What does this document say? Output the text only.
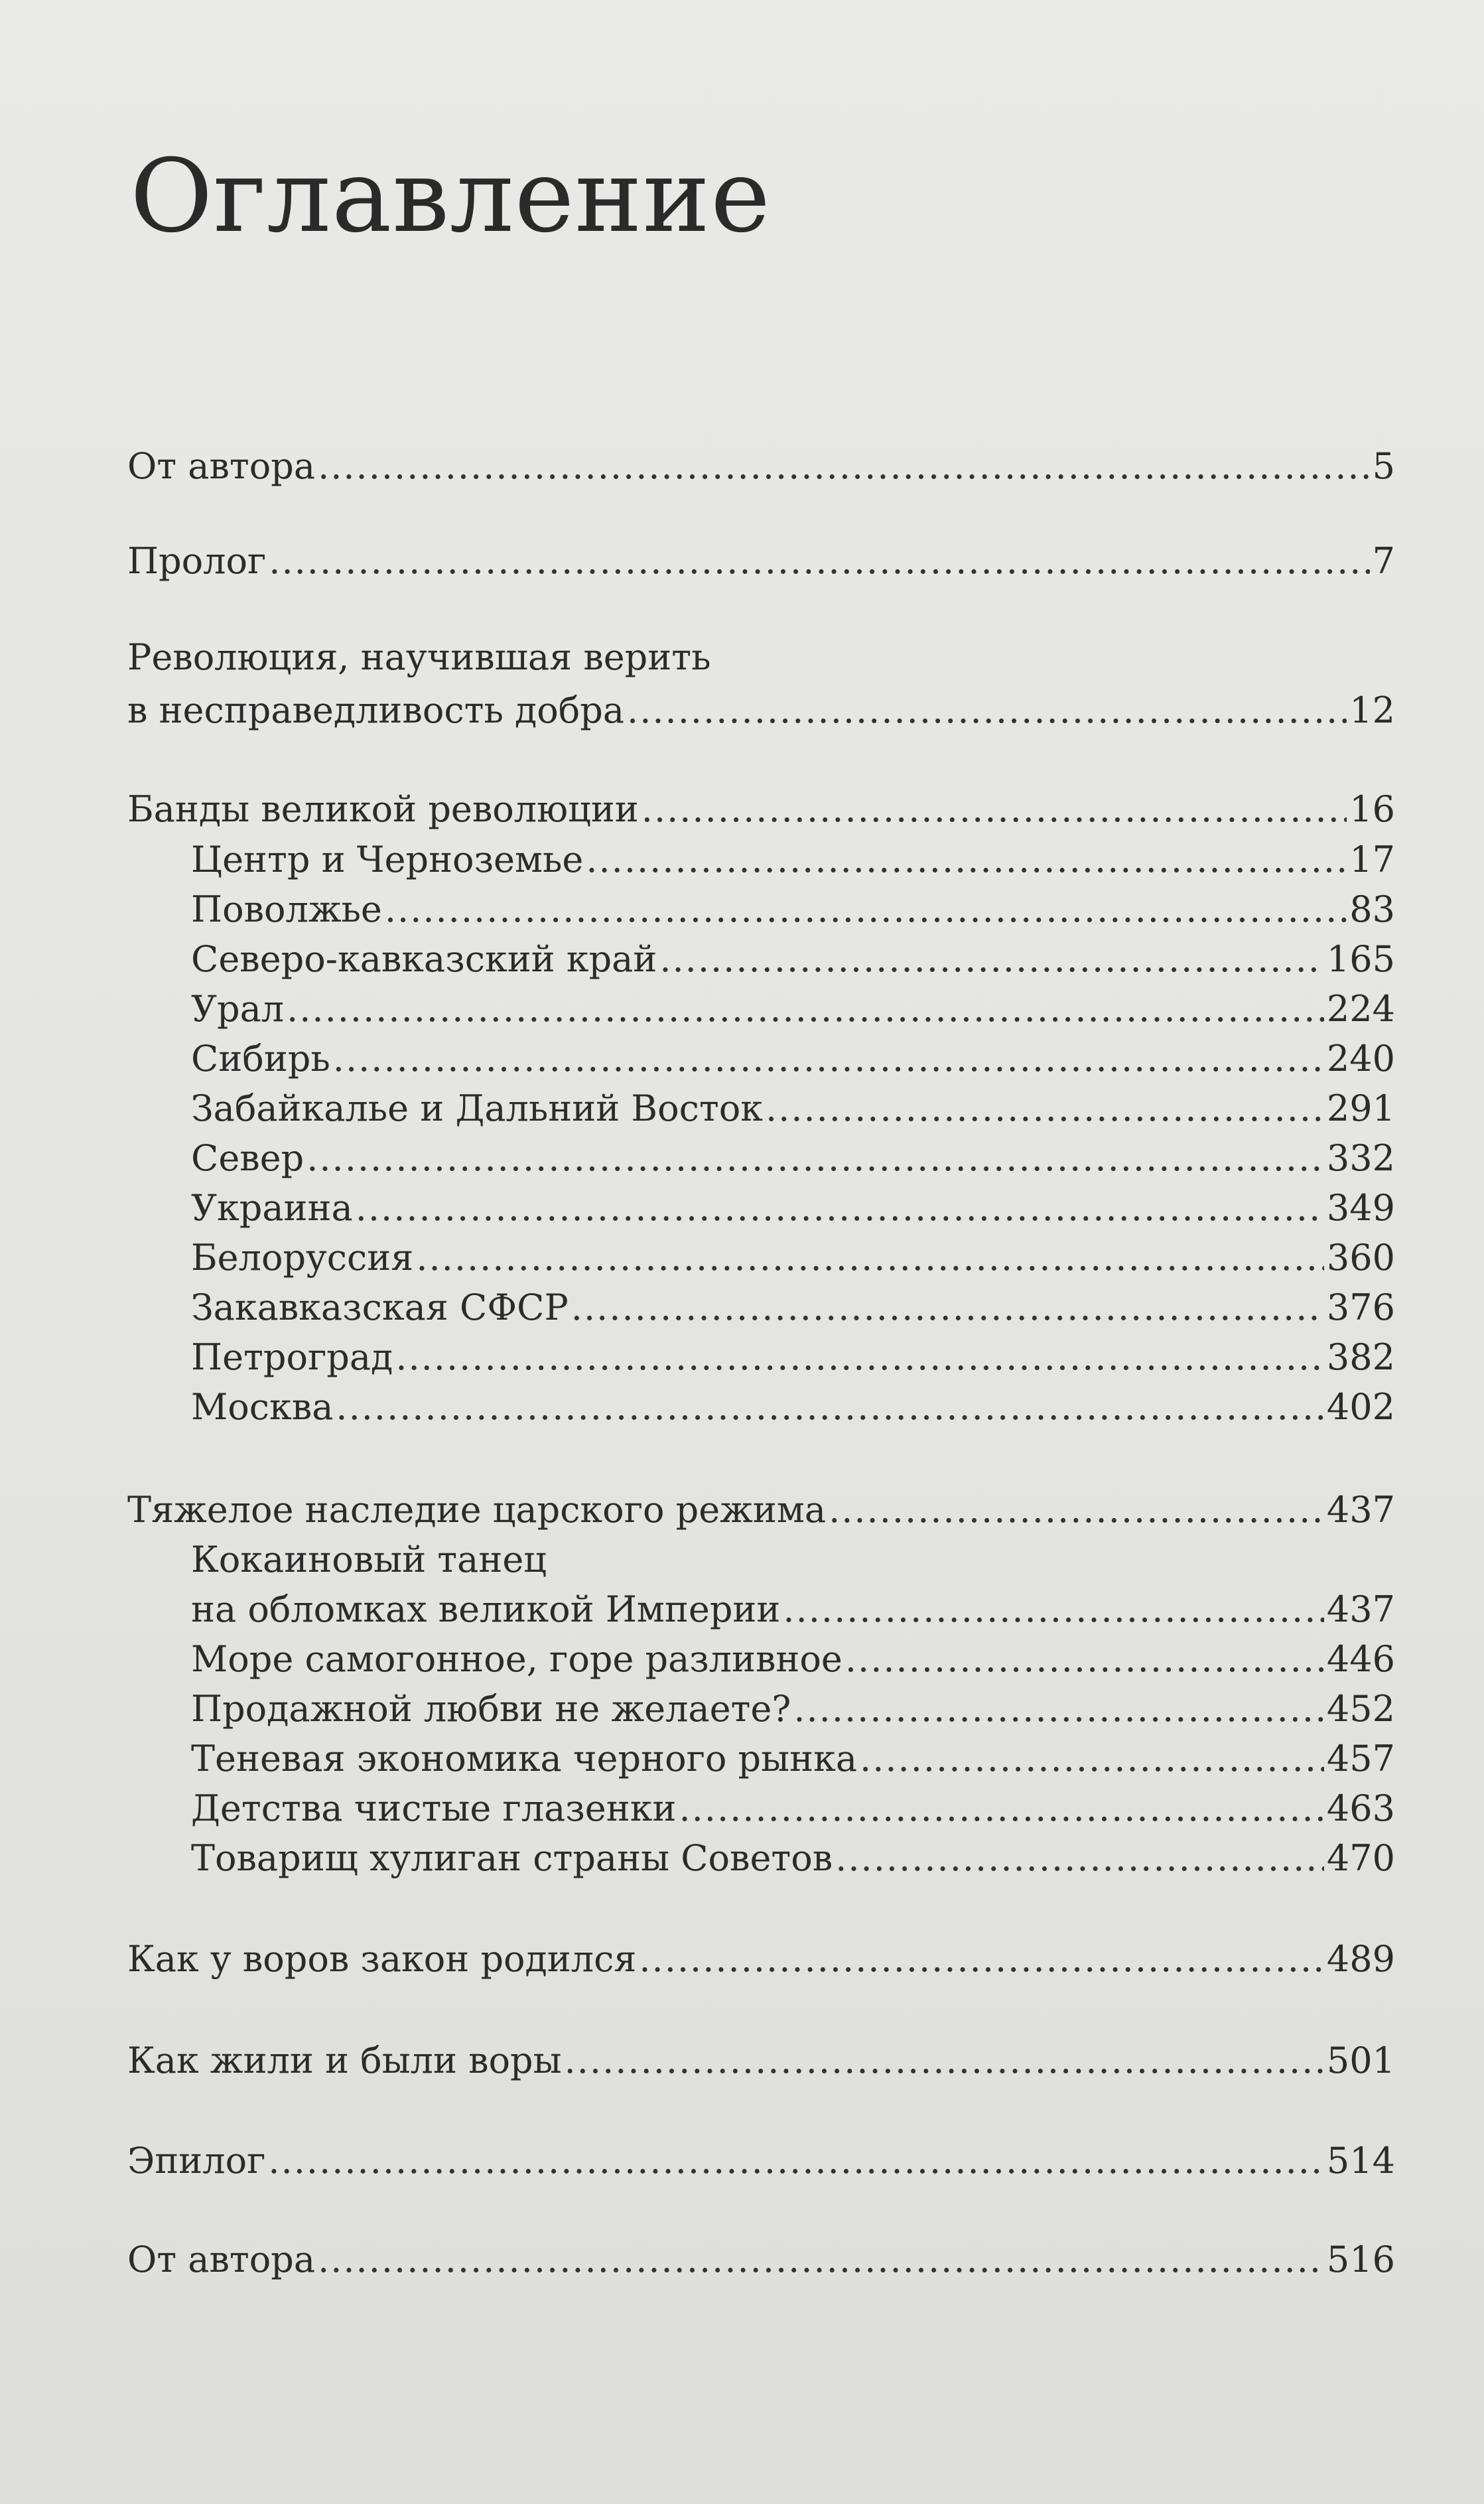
Оглавление
От автора .....	5
Пролог .....	7
Революция, научившая верить
в несправедливость добра .....	12
Банды великой революции .....	16
Центр и Черноземье .....	17
Поволжье .....	83
Северо-кавказский край .....	165
Урал .....	224
Сибирь .....	240
Забайкалье и Дальний Восток .....	291
Север .....	332
Украина .....	349
Белоруссия .....	360
Закавказская СФСР .....	376
Петроград .....	382
Москва .....	402
Тяжелое наследие царского режима .....	437
Кокаиновый танец
на обломках великой Империи .....	437
Море самогонное, горе разливное .....	446
Продажной любви не желаете? .....	452
Теневая экономика черного рынка .....	457
Детства чистые глазенки .....	463
Товарищ хулиган страны Советов .....	470
Как у воров закон родился .....	489
Как жили и были воры .....	501
Эпилог .....	514
От автора .....	516
